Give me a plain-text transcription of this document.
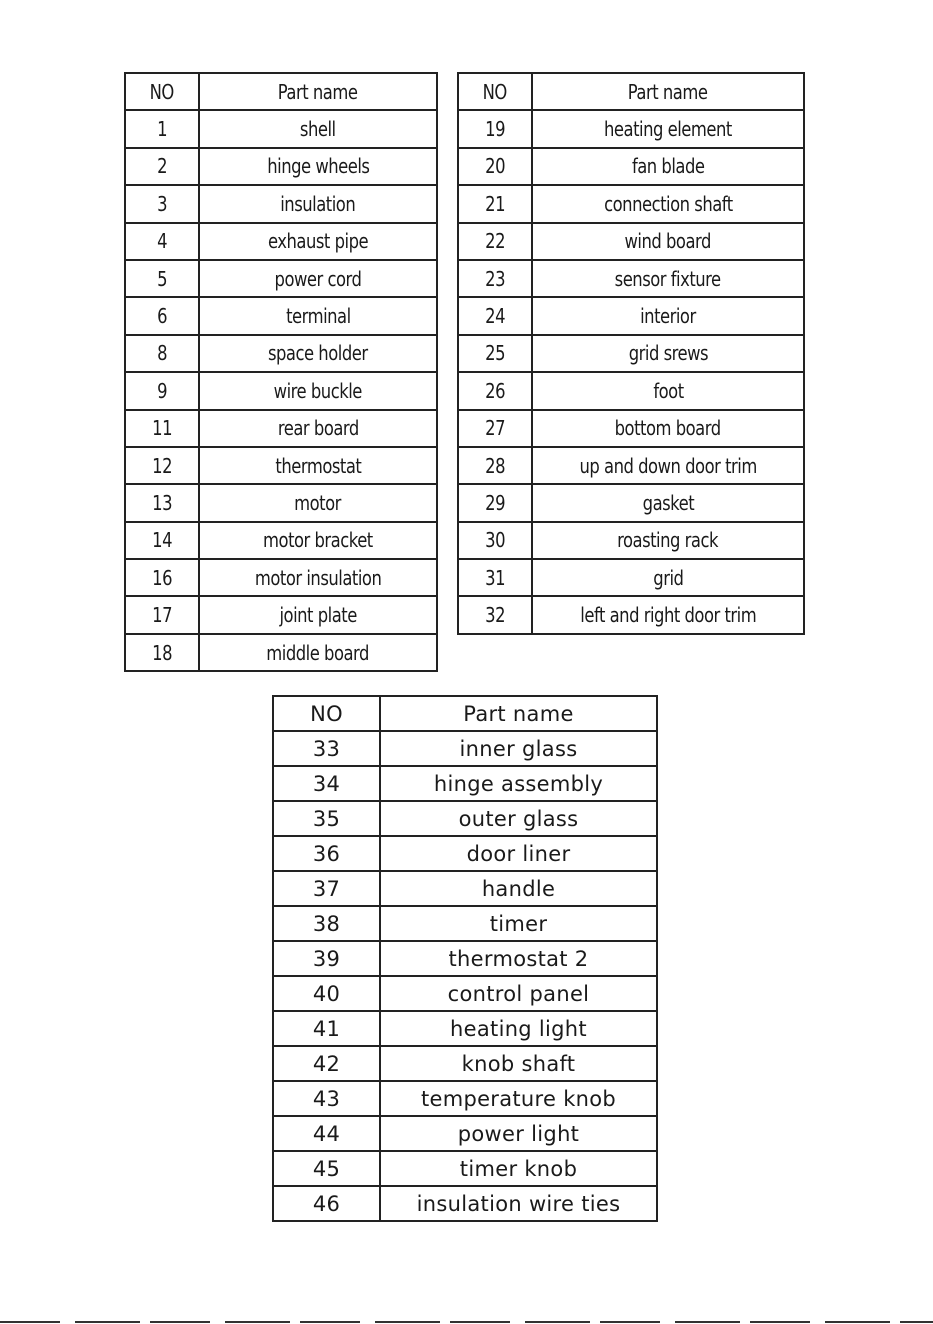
NO	Part name
1	shell
2	hinge wheels
3	insulation
4	exhaust pipe
5	power cord
6	terminal
8	space holder
9	wire buckle
11	rear board
12	thermostat
13	motor
14	motor bracket
16	motor insulation
17	joint plate
18	middle board
NO	Part name
19	heating element
20	fan blade
21	connection shaft
22	wind board
23	sensor fixture
24	interior
25	grid srews
26	foot
27	bottom board
28	up and down door trim
29	gasket
30	roasting rack
31	grid
32	left and right door trim
NO	Part name
33	inner glass
34	hinge assembly
35	outer glass
36	door liner
37	handle
38	timer
39	thermostat 2
40	control panel
41	heating light
42	knob shaft
43	temperature knob
44	power light
45	timer knob
46	insulation wire ties
